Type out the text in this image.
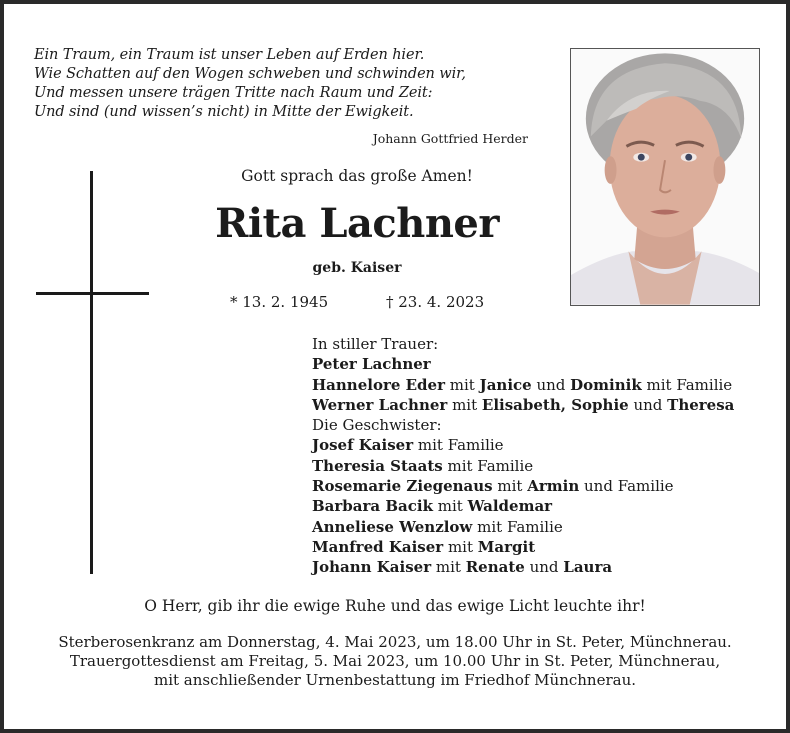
Ein Traum, ein Traum ist unser Leben auf Erden hier.
Wie Schatten auf den Wogen schweben und schwinden wir,
Und messen unsere trägen Tritte nach Raum und Zeit:
Und sind (und wissen’s nicht) in Mitte der Ewigkeit.
Johann Gottfried Herder
Gott sprach das große Amen!
Rita Lachner
geb. Kaiser
* 13. 2. 1945	† 23. 4. 2023
In stiller Trauer:
Peter Lachner
Hannelore Eder mit Janice und Dominik mit Familie
Werner Lachner mit Elisabeth, Sophie und Theresa
Die Geschwister:
Josef Kaiser mit Familie
Theresia Staats mit Familie
Rosemarie Ziegenaus mit Armin und Familie
Barbara Bacik mit Waldemar
Anneliese Wenzlow mit Familie
Manfred Kaiser mit Margit
Johann Kaiser mit Renate und Laura
O Herr, gib ihr die ewige Ruhe und das ewige Licht leuchte ihr!
Sterberosenkranz am Donnerstag, 4. Mai 2023, um 18.00 Uhr in St. Peter, Münchnerau.
Trauergottesdienst am Freitag, 5. Mai 2023, um 10.00 Uhr in St. Peter, Münchnerau,
mit anschließender Urnenbestattung im Friedhof Münchnerau.
